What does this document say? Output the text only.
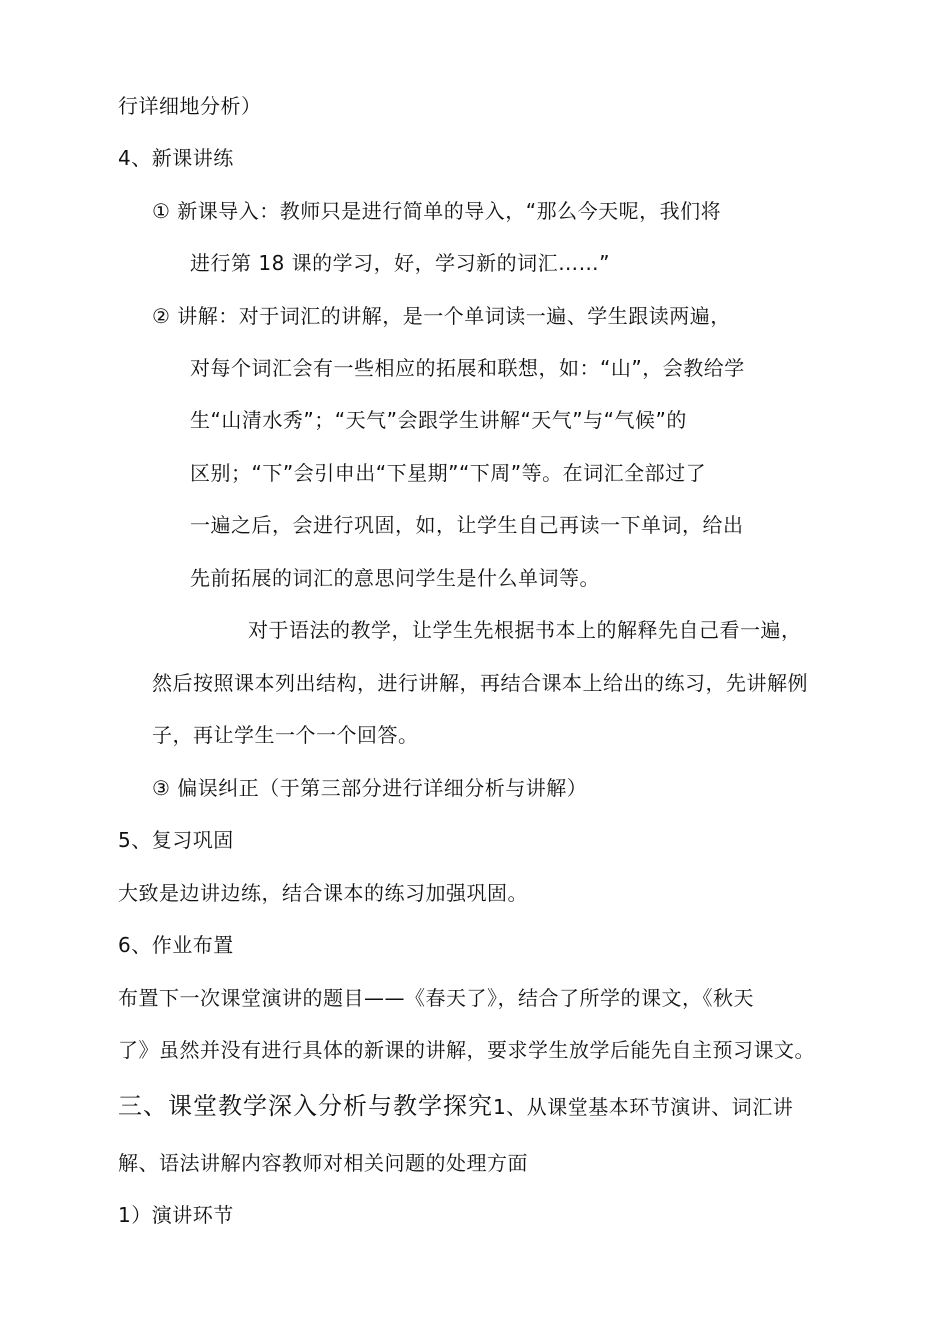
行详细地分析）
4、新课讲练
① 新课导入：教师只是进行简单的导入，“那么今天呢，我们将
进行第 18 课的学习，好，学习新的词汇……”
② 讲解：对于词汇的讲解，是一个单词读一遍、学生跟读两遍，
对每个词汇会有一些相应的拓展和联想，如：“山”，会教给学
生“山清水秀”；“天气”会跟学生讲解“天气”与“气候”的
区别；“下”会引申出“下星期”“下周”等。在词汇全部过了
一遍之后，会进行巩固，如，让学生自己再读一下单词，给出
先前拓展的词汇的意思问学生是什么单词等。
对于语法的教学，让学生先根据书本上的解释先自己看一遍，
然后按照课本列出结构，进行讲解，再结合课本上给出的练习，先讲解例
子，再让学生一个一个回答。
③ 偏误纠正（于第三部分进行详细分析与讲解）
5、复习巩固
大致是边讲边练，结合课本的练习加强巩固。
6、作业布置
布置下一次课堂演讲的题目——《春天了》，结合了所学的课文，《秋天
了》虽然并没有进行具体的新课的讲解，要求学生放学后能先自主预习课文。
三、课堂教学深入分析与教学探究1、从课堂基本环节演讲、词汇讲
解、语法讲解内容教师对相关问题的处理方面
1）演讲环节
